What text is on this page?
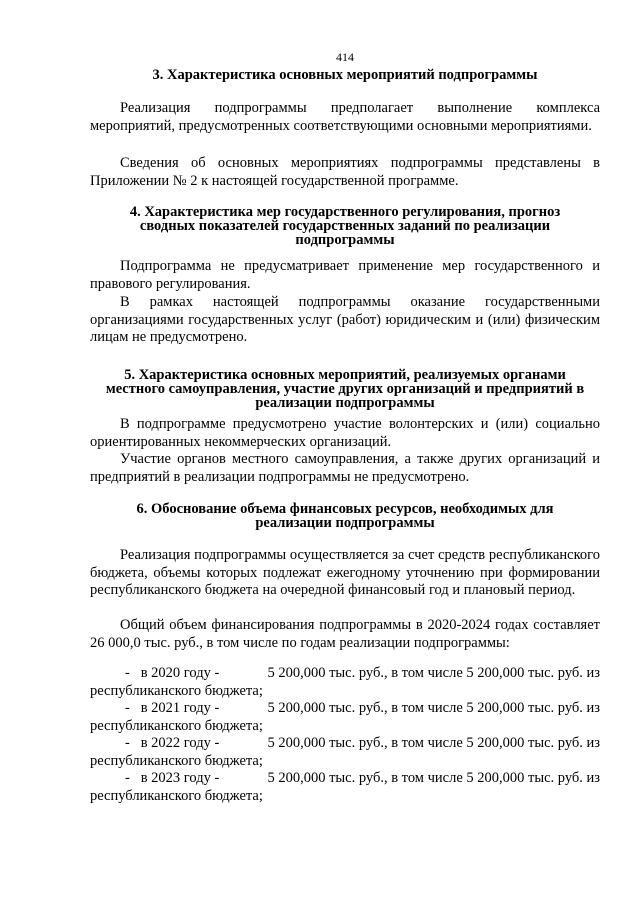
414
3. Характеристика основных мероприятий подпрограммы
Реализация подпрограммы предполагает выполнение комплекса мероприятий, предусмотренных соответствующими основными мероприятиями.
Сведения об основных мероприятиях подпрограммы представлены в Приложении № 2 к настоящей государственной программе.
4. Характеристика мер государственного регулирования, прогноз
сводных показателей государственных заданий по реализации
подпрограммы
Подпрограмма не предусматривает применение мер государственного и правового регулирования.
В рамках настоящей подпрограммы оказание государственными организациями государственных услуг (работ) юридическим и (или) физическим лицам не предусмотрено.
5. Характеристика основных мероприятий, реализуемых органами
местного самоуправления, участие других организаций и предприятий в
реализации подпрограммы
В подпрограмме предусмотрено участие волонтерских и (или) социально ориентированных некоммерческих организаций.
Участие органов местного самоуправления, а также других организаций и предприятий в реализации подпрограммы не предусмотрено.
6. Обоснование объема финансовых ресурсов, необходимых для
реализации подпрограммы
Реализация подпрограммы осуществляется за счет средств республиканского бюджета, объемы которых подлежат ежегодному уточнению при формировании республиканского бюджета на очередной финансовый год и плановый период.
Общий объем финансирования подпрограммы в 2020-2024 годах составляет 26 000,0 тыс. руб., в том числе по годам реализации подпрограммы:
-   в 2020 году -	5 200,000 тыс. руб., в том числе 5 200,000 тыс. руб. из
республиканского бюджета;
-   в 2021 году -	5 200,000 тыс. руб., в том числе 5 200,000 тыс. руб. из
республиканского бюджета;
-   в 2022 году -	5 200,000 тыс. руб., в том числе 5 200,000 тыс. руб. из
республиканского бюджета;
-   в 2023 году -	5 200,000 тыс. руб., в том числе 5 200,000 тыс. руб. из
республиканского бюджета;
